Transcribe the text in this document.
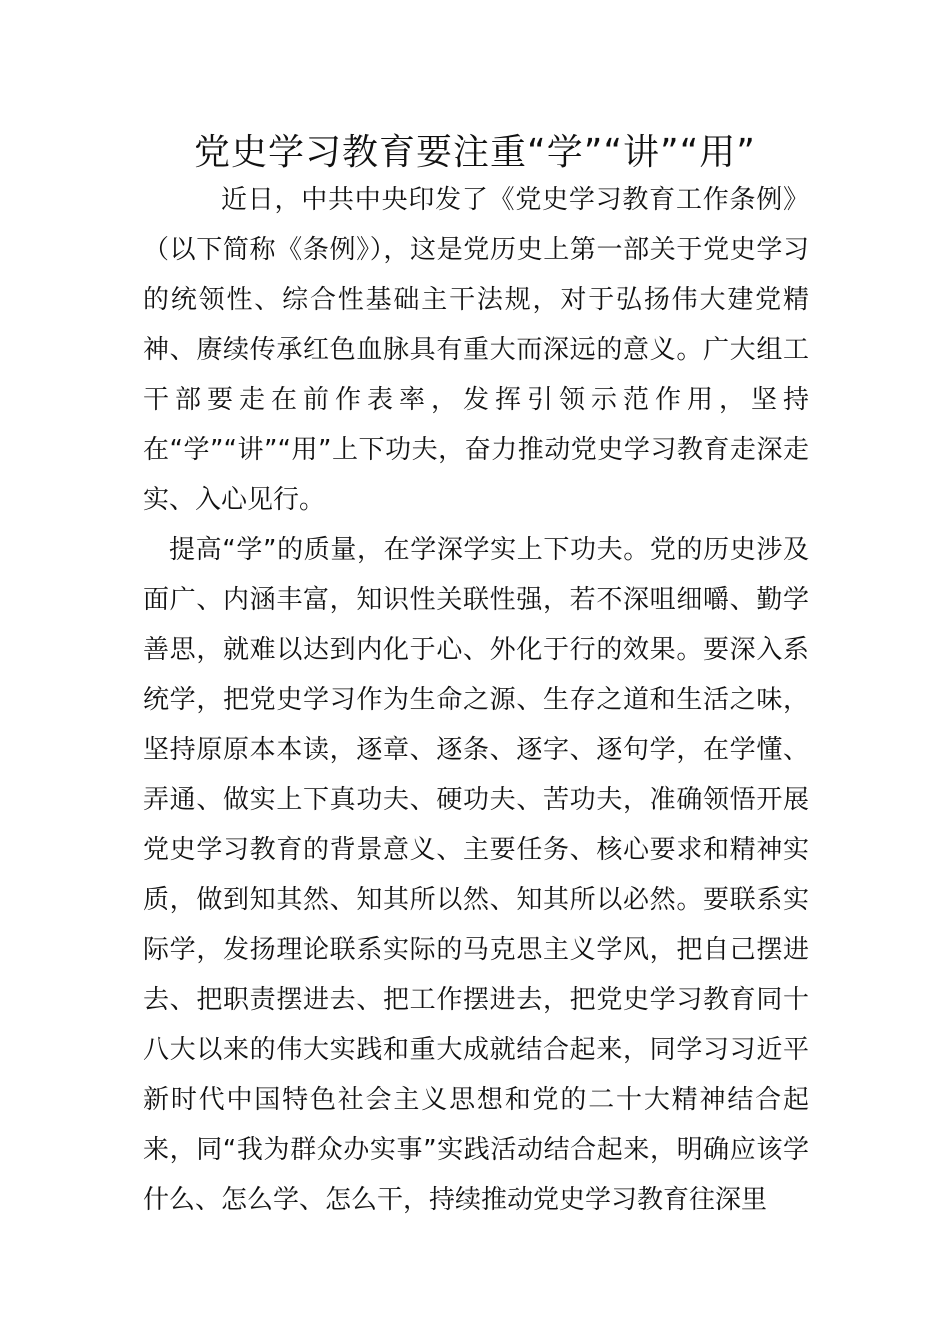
党史学习教育要注重“学”“讲”“用”

近日，中共中央印发了《党史学习教育工作条例》（以下简称《条例》），这是党历史上第一部关于党史学习的统领性、综合性基础主干法规，对于弘扬伟大建党精神、赓续传承红色血脉具有重大而深远的意义。广大组工干部要走在前作表率，发挥引领示范作用，坚持在“学”“讲”“用”上下功夫，奋力推动党史学习教育走深走实、入心见行。

提高“学”的质量，在学深学实上下功夫。党的历史涉及面广、内涵丰富，知识性关联性强，若不深咀细嚼、勤学善思，就难以达到内化于心、外化于行的效果。要深入系统学，把党史学习作为生命之源、生存之道和生活之味，坚持原原本本读，逐章、逐条、逐字、逐句学，在学懂、弄通、做实上下真功夫、硬功夫、苦功夫，准确领悟开展党史学习教育的背景意义、主要任务、核心要求和精神实质，做到知其然、知其所以然、知其所以必然。要联系实际学，发扬理论联系实际的马克思主义学风，把自己摆进去、把职责摆进去、把工作摆进去，把党史学习教育同十八大以来的伟大实践和重大成就结合起来，同学习习近平新时代中国特色社会主义思想和党的二十大精神结合起来，同“我为群众办实事”实践活动结合起来，明确应该学什么、怎么学、怎么干，持续推动党史学习教育往深里
